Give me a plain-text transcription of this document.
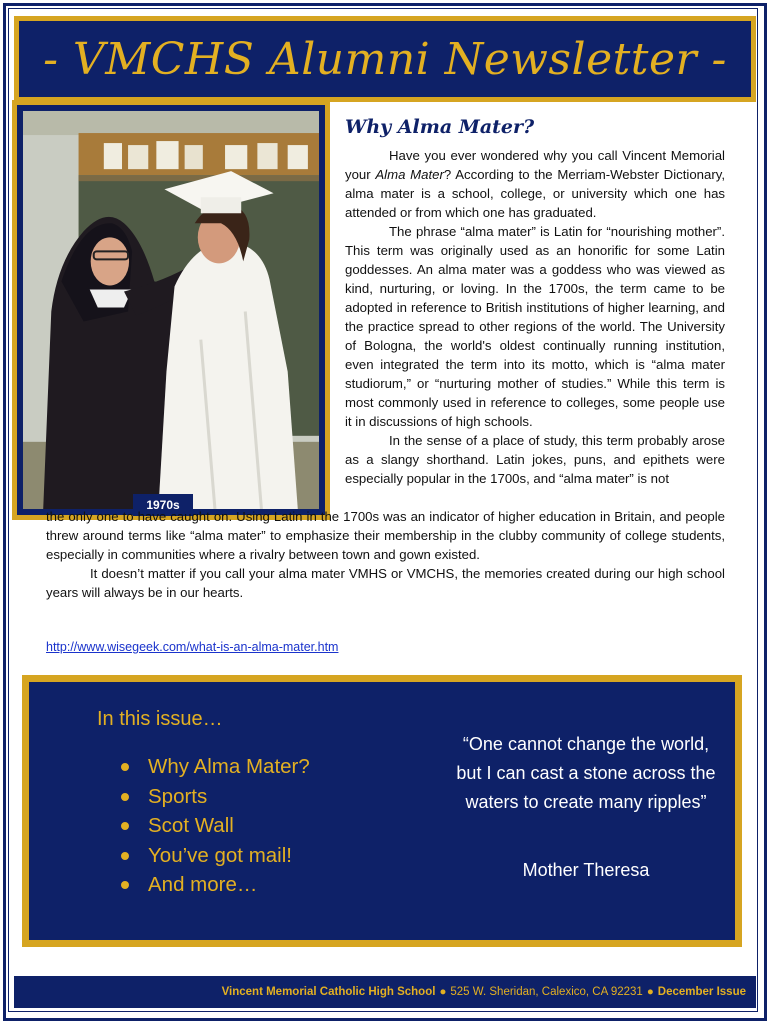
- VMCHS Alumni Newsletter -
1970s
Why Alma Mater?

Have you ever wondered why you call Vincent Memorial your Alma Mater? According to the Merriam-Webster Dictionary, alma mater is a school, college, or university which one has attended or from which one has graduated.

The phrase “alma mater” is Latin for “nourishing mother”. This term was originally used as an honorific for some Latin goddesses. An alma mater was a goddess who was viewed as kind, nurturing, or loving. In the 1700s, the term came to be adopted in reference to British institutions of higher learning, and the practice spread to other regions of the world. The University of Bologna, the world's oldest continually running institution, even integrated the term into its motto, which is “alma mater studiorum,” or “nurturing mother of studies.” While this term is most commonly used in reference to colleges, some people use it in discussions of high schools.

In the sense of a place of study, this term probably arose as a slangy shorthand. Latin jokes, puns, and epithets were especially popular in the 1700s, and “alma mater” is not

the only one to have caught on. Using Latin in the 1700s was an indicator of higher education in Britain, and people threw around terms like “alma mater” to emphasize their membership in the clubby community of college students, especially in communities where a rivalry between town and gown existed.

It doesn’t matter if you call your alma mater VMHS or VMCHS, the memories created during our high school years will always be in our hearts.

http://www.wisegeek.com/what-is-an-alma-mater.htm
In this issue…
Why Alma Mater?
Sports
Scot Wall
You’ve got mail!
And more…
“One cannot change the world, but I can cast a stone across the waters to create many ripples”
Mother Theresa
Vincent Memorial Catholic High School ● 525 W. Sheridan, Calexico, CA 92231 ● December Issue
